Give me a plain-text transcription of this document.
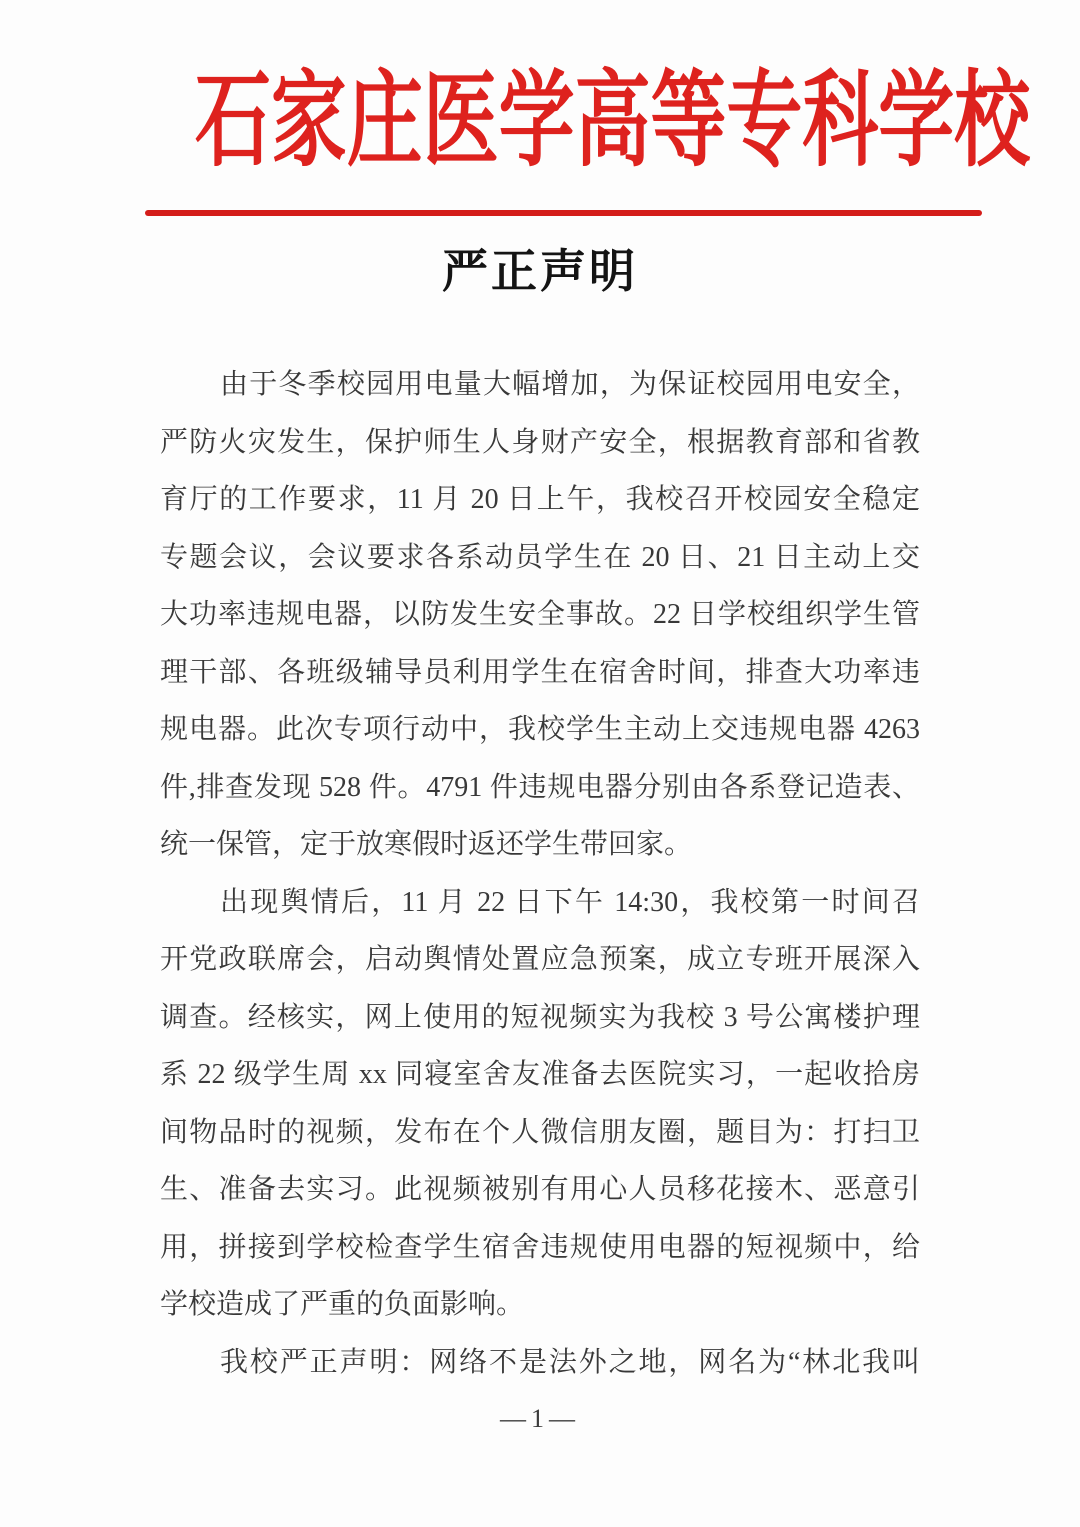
石家庄医学高等专科学校
严正声明
由于冬季校园用电量大幅增加，为保证校园用电安全，
严防火灾发生，保护师生人身财产安全，根据教育部和省教
育厅的工作要求，11 月 20 日上午，我校召开校园安全稳定
专题会议，会议要求各系动员学生在 20 日、21 日主动上交
大功率违规电器，以防发生安全事故。22 日学校组织学生管
理干部、各班级辅导员利用学生在宿舍时间，排查大功率违
规电器。此次专项行动中，我校学生主动上交违规电器 4263
件,排查发现 528 件。4791 件违规电器分别由各系登记造表、
统一保管，定于放寒假时返还学生带回家。
出现舆情后，11 月 22 日下午 14:30，我校第一时间召
开党政联席会，启动舆情处置应急预案，成立专班开展深入
调查。经核实，网上使用的短视频实为我校 3 号公寓楼护理
系 22 级学生周 xx 同寝室舍友准备去医院实习，一起收拾房
间物品时的视频，发布在个人微信朋友圈，题目为：打扫卫
生、准备去实习。此视频被别有用心人员移花接木、恶意引
用，拼接到学校检查学生宿舍违规使用电器的短视频中，给
学校造成了严重的负面影响。
我校严正声明：网络不是法外之地，网名为“林北我叫
—1—
